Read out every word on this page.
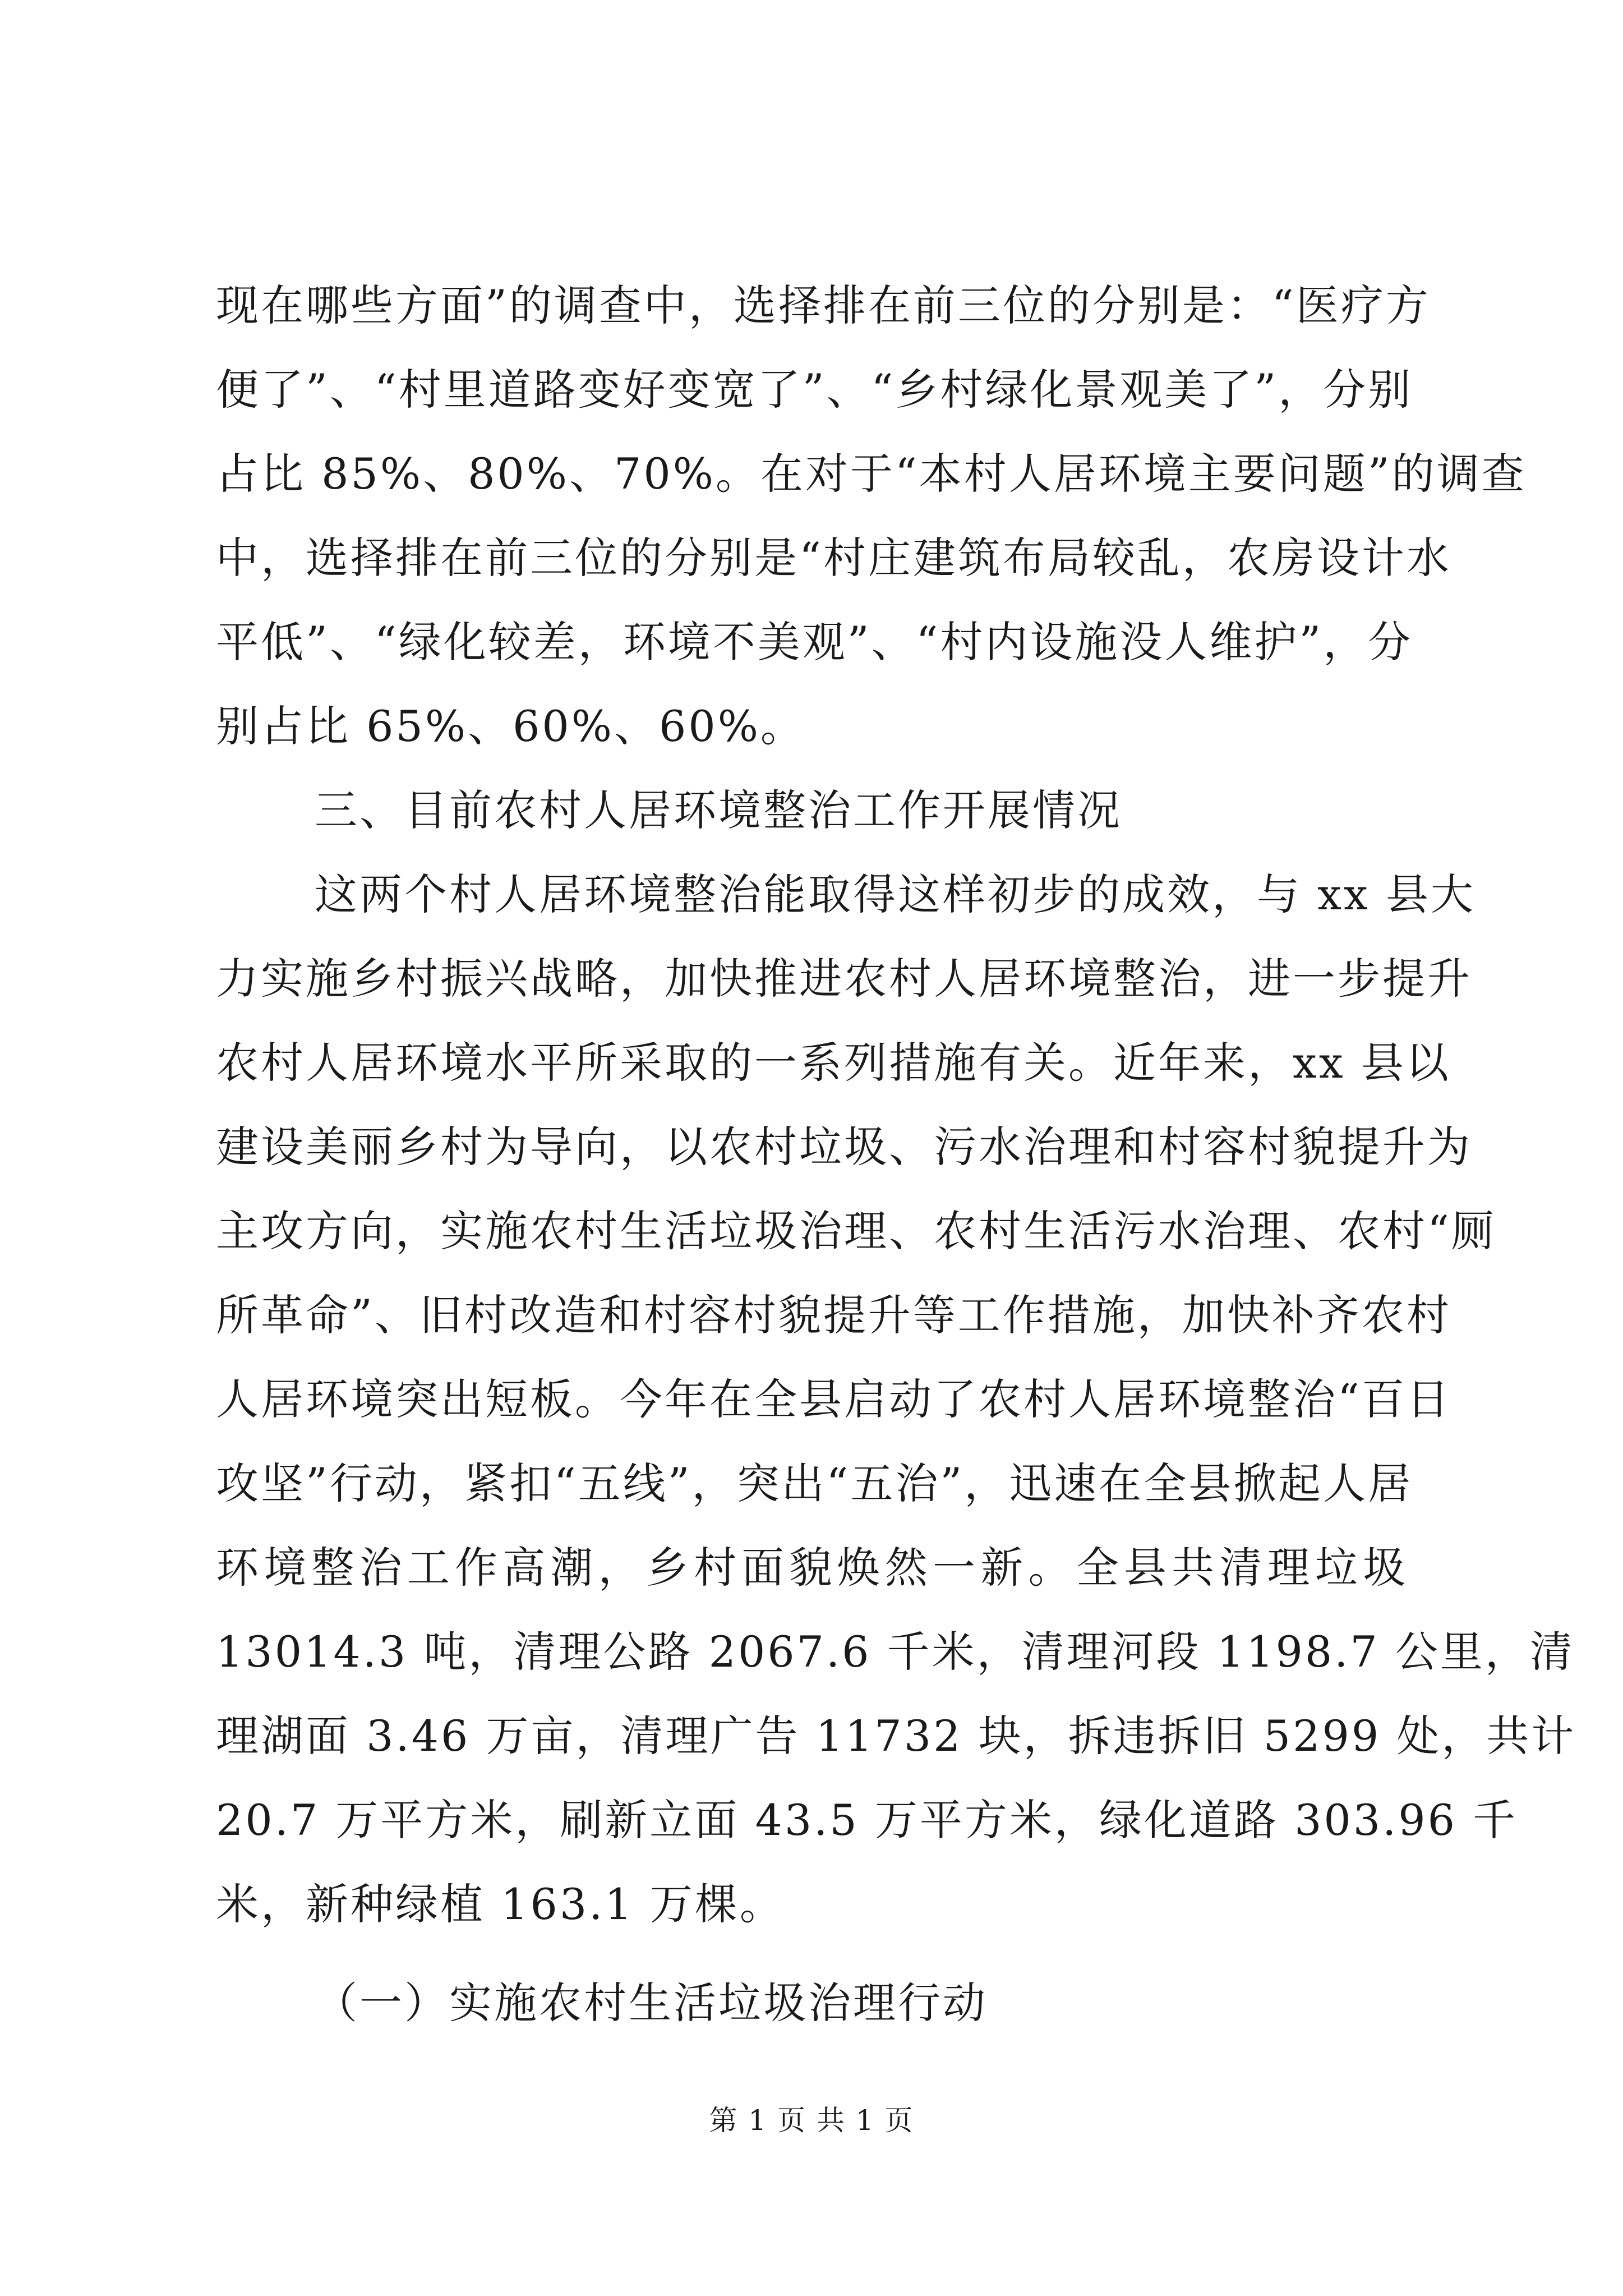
现在哪些方面”的调查中，选择排在前三位的分别是：“医疗方
便了”、“村里道路变好变宽了”、“乡村绿化景观美了”，分别
占比 85%、80%、70%。在对于“本村人居环境主要问题”的调查
中，选择排在前三位的分别是“村庄建筑布局较乱，农房设计水
平低”、“绿化较差，环境不美观”、“村内设施没人维护”，分
别占比 65%、60%、60%。
三、目前农村人居环境整治工作开展情况
这两个村人居环境整治能取得这样初步的成效，与 xx 县大
力实施乡村振兴战略，加快推进农村人居环境整治，进一步提升
农村人居环境水平所采取的一系列措施有关。近年来，xx 县以
建设美丽乡村为导向，以农村垃圾、污水治理和村容村貌提升为
主攻方向，实施农村生活垃圾治理、农村生活污水治理、农村“厕
所革命”、旧村改造和村容村貌提升等工作措施，加快补齐农村
人居环境突出短板。今年在全县启动了农村人居环境整治“百日
攻坚”行动，紧扣“五线”，突出“五治”，迅速在全县掀起人居
环境整治工作高潮，乡村面貌焕然一新。全县共清理垃圾
13014.3 吨，清理公路 2067.6 千米，清理河段 1198.7 公里，清
理湖面 3.46 万亩，清理广告 11732 块，拆违拆旧 5299 处，共计
20.7 万平方米，刷新立面 43.5 万平方米，绿化道路 303.96 千
米，新种绿植 163.1 万棵。
（一）实施农村生活垃圾治理行动
第 1 页 共 1 页
